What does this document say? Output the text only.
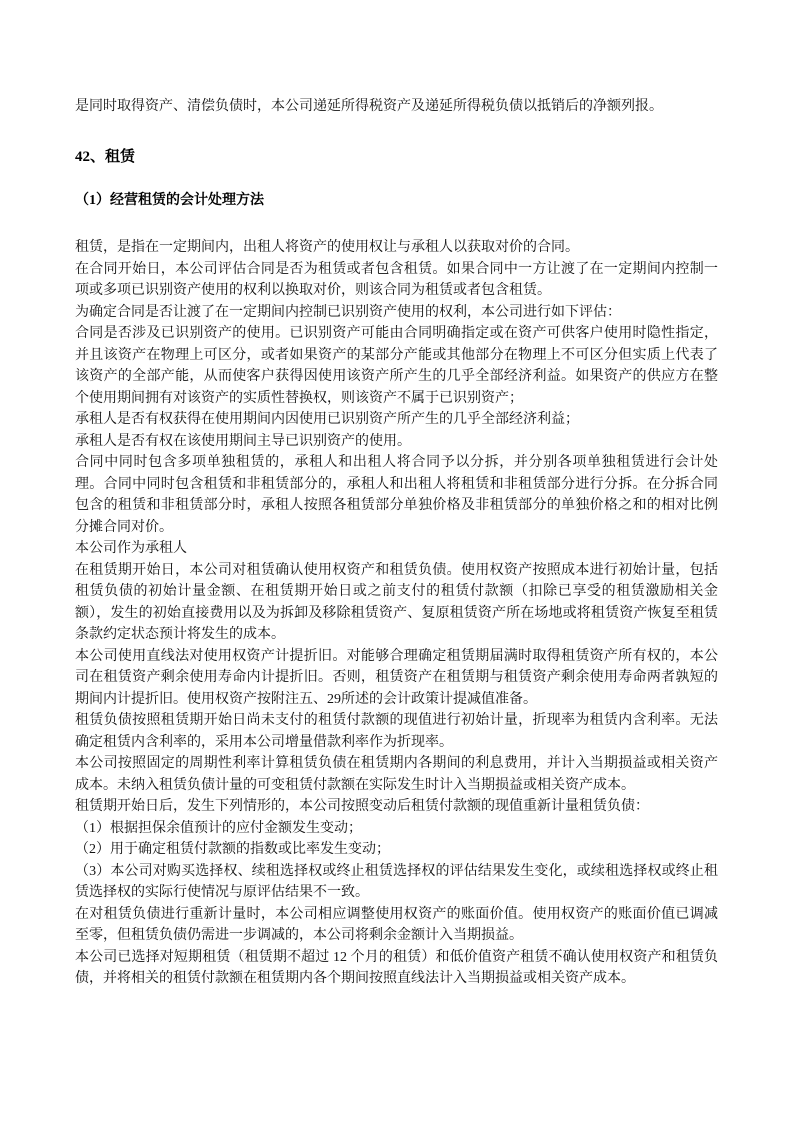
是同时取得资产、清偿负债时，本公司递延所得税资产及递延所得税负债以抵销后的净额列报。

42、租赁
（1）经营租赁的会计处理方法

租赁，是指在一定期间内，出租人将资产的使用权让与承租人以获取对价的合同。

在合同开始日，本公司评估合同是否为租赁或者包含租赁。如果合同中一方让渡了在一定期间内控制一项或多项已识别资产使用的权利以换取对价，则该合同为租赁或者包含租赁。

为确定合同是否让渡了在一定期间内控制已识别资产使用的权利，本公司进行如下评估：

合同是否涉及已识别资产的使用。已识别资产可能由合同明确指定或在资产可供客户使用时隐性指定，并且该资产在物理上可区分，或者如果资产的某部分产能或其他部分在物理上不可区分但实质上代表了该资产的全部产能，从而使客户获得因使用该资产所产生的几乎全部经济利益。如果资产的供应方在整个使用期间拥有对该资产的实质性替换权，则该资产不属于已识别资产；

承租人是否有权获得在使用期间内因使用已识别资产所产生的几乎全部经济利益；

承租人是否有权在该使用期间主导已识别资产的使用。

合同中同时包含多项单独租赁的，承租人和出租人将合同予以分拆，并分别各项单独租赁进行会计处理。合同中同时包含租赁和非租赁部分的，承租人和出租人将租赁和非租赁部分进行分拆。在分拆合同包含的租赁和非租赁部分时，承租人按照各租赁部分单独价格及非租赁部分的单独价格之和的相对比例分摊合同对价。

本公司作为承租人

在租赁期开始日，本公司对租赁确认使用权资产和租赁负债。使用权资产按照成本进行初始计量，包括租赁负债的初始计量金额、在租赁期开始日或之前支付的租赁付款额（扣除已享受的租赁激励相关金额），发生的初始直接费用以及为拆卸及移除租赁资产、复原租赁资产所在场地或将租赁资产恢复至租赁条款约定状态预计将发生的成本。

本公司使用直线法对使用权资产计提折旧。对能够合理确定租赁期届满时取得租赁资产所有权的，本公司在租赁资产剩余使用寿命内计提折旧。否则，租赁资产在租赁期与租赁资产剩余使用寿命两者孰短的期间内计提折旧。使用权资产按附注五、29所述的会计政策计提减值准备。

租赁负债按照租赁期开始日尚未支付的租赁付款额的现值进行初始计量，折现率为租赁内含利率。无法确定租赁内含利率的，采用本公司增量借款利率作为折现率。

本公司按照固定的周期性利率计算租赁负债在租赁期内各期间的利息费用，并计入当期损益或相关资产成本。未纳入租赁负债计量的可变租赁付款额在实际发生时计入当期损益或相关资产成本。

租赁期开始日后，发生下列情形的，本公司按照变动后租赁付款额的现值重新计量租赁负债：

（1）根据担保余值预计的应付金额发生变动；

（2）用于确定租赁付款额的指数或比率发生变动；

（3）本公司对购买选择权、续租选择权或终止租赁选择权的评估结果发生变化，或续租选择权或终止租赁选择权的实际行使情况与原评估结果不一致。

在对租赁负债进行重新计量时，本公司相应调整使用权资产的账面价值。使用权资产的账面价值已调减至零，但租赁负债仍需进一步调减的，本公司将剩余金额计入当期损益。

本公司已选择对短期租赁（租赁期不超过 12 个月的租赁）和低价值资产租赁不确认使用权资产和租赁负债，并将相关的租赁付款额在租赁期内各个期间按照直线法计入当期损益或相关资产成本。
